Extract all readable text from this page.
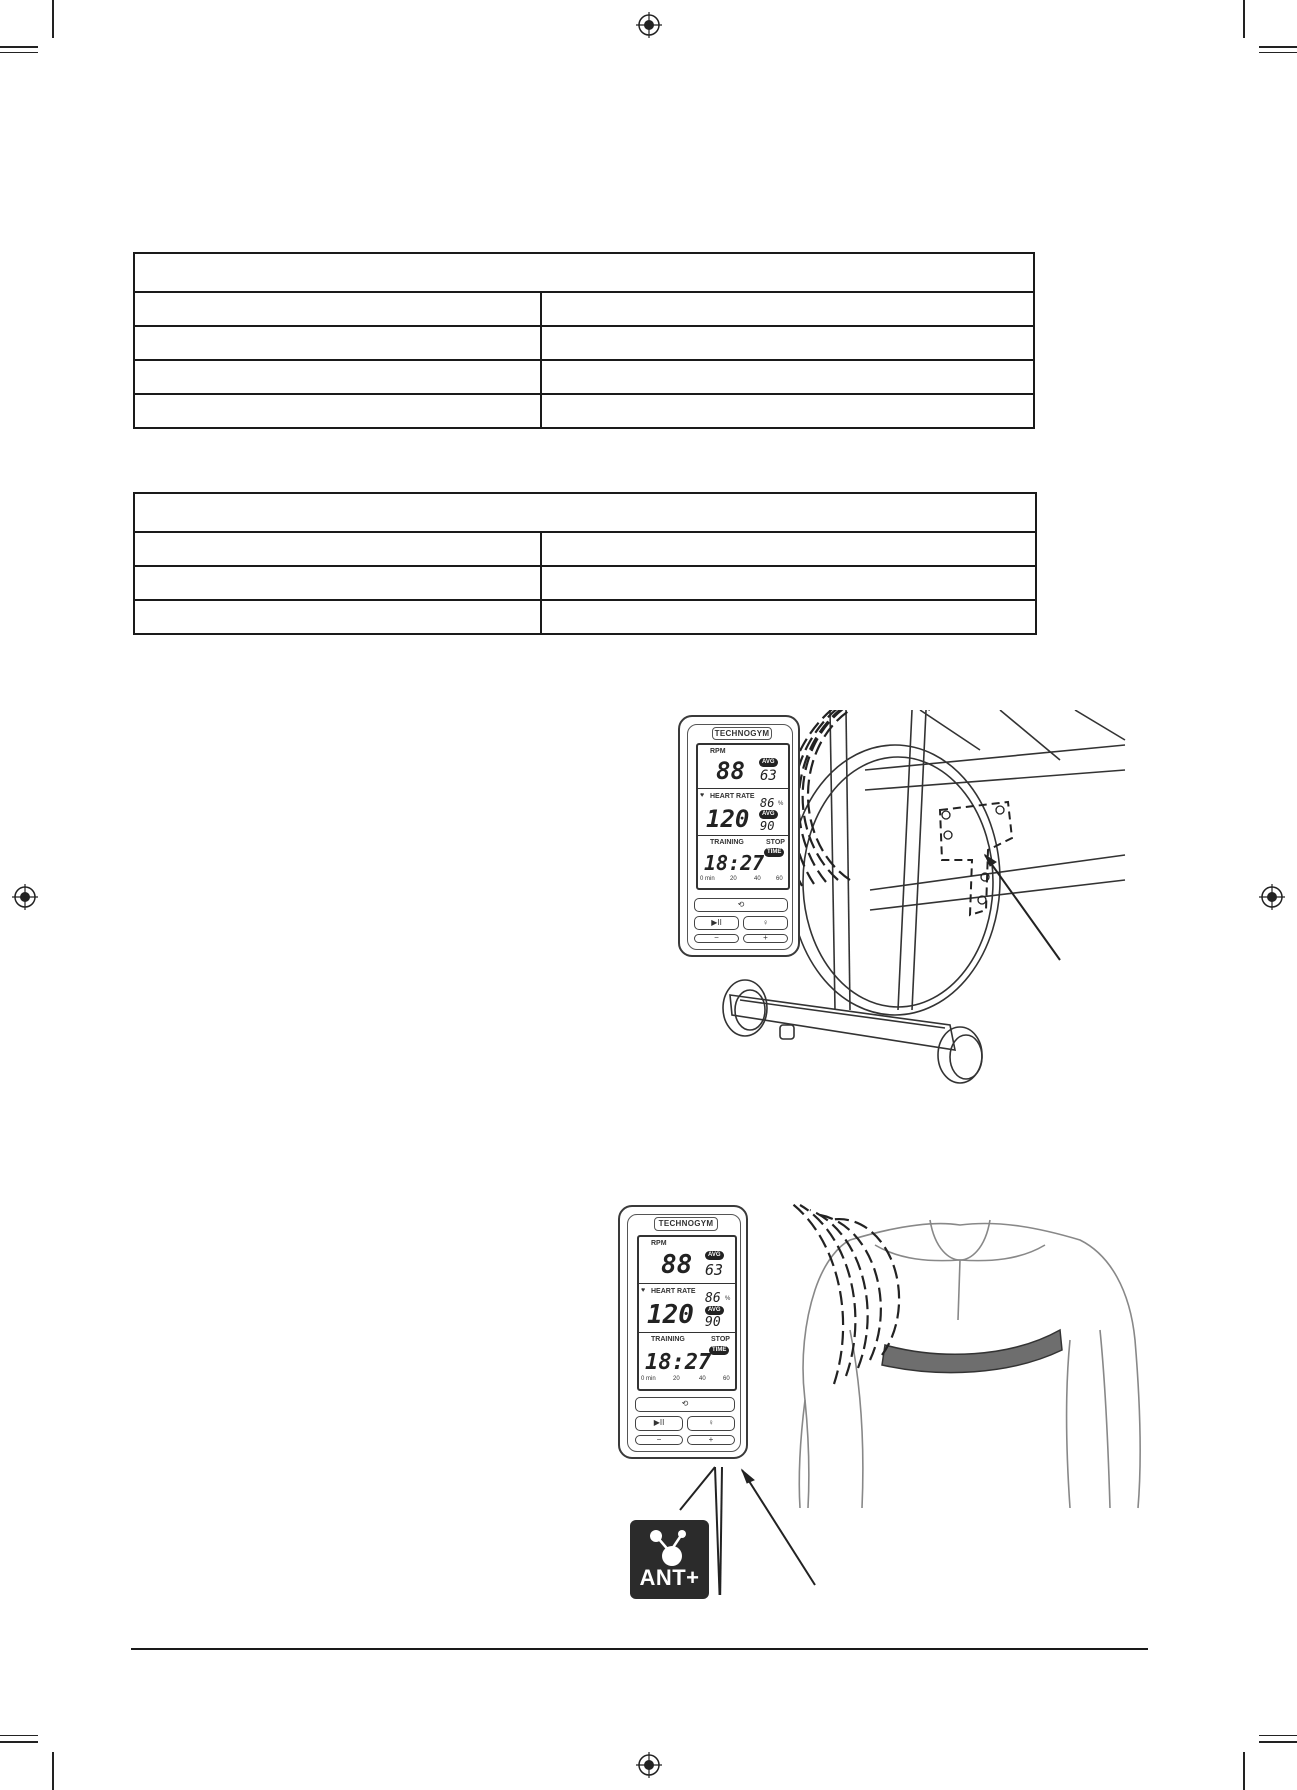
TECHNOGYM
RPM
88	AVG
63
♥ HEART RATE
120
86 %
AVG
90
TRAINING	STOP
TIME
18:27
0 min	20	40	60
⟲
▶II	♀
−	+
TECHNOGYM
RPM
88	AVG
63
♥ HEART RATE
120
86 %
AVG
90
TRAINING	STOP
TIME
18:27
0 min	20	40	60
⟲
▶II	♀
−	+
ANT+
